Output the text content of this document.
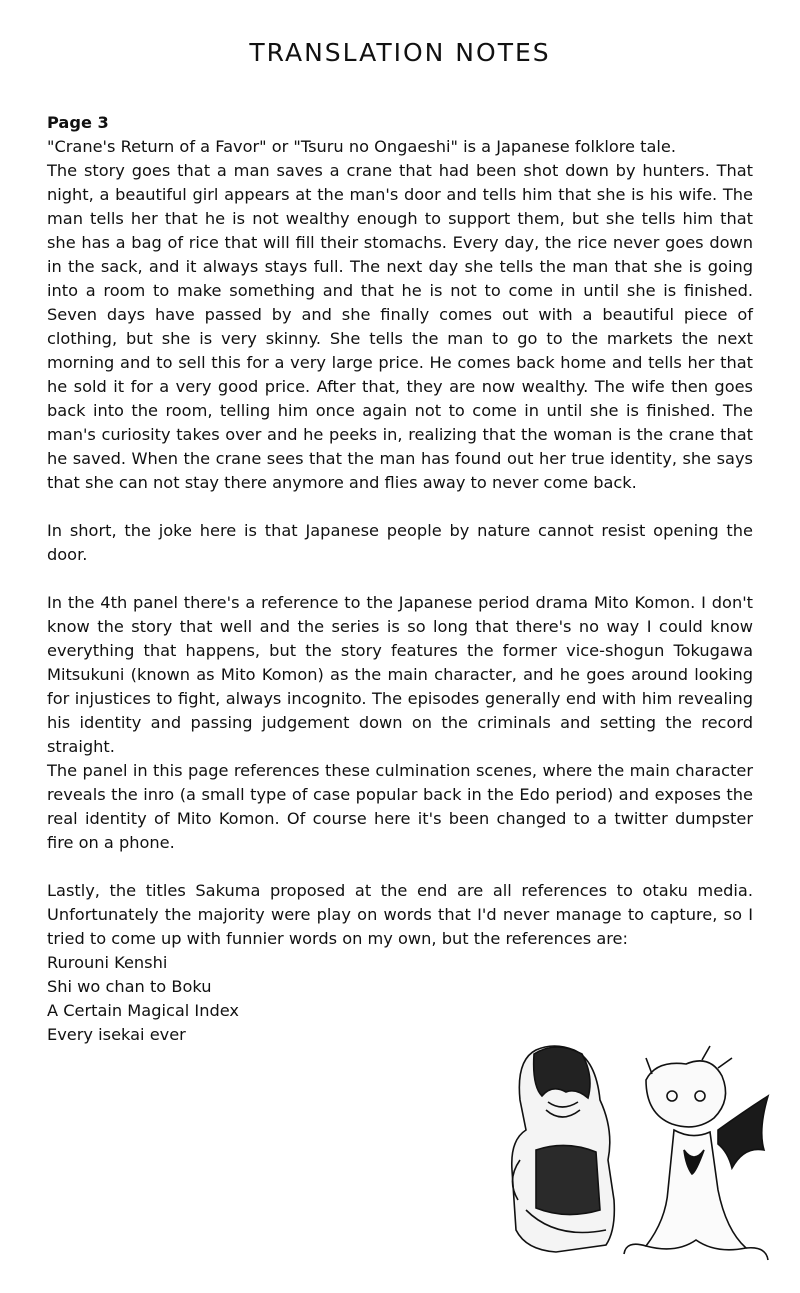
TRANSLATION NOTES
Page 3

"Crane's Return of a Favor" or "Tsuru no Ongaeshi" is a Japanese folklore tale.

The story goes that a man saves a crane that had been shot down by hunters. That night, a beautiful girl appears at the man's door and tells him that she is his wife. The man tells her that he is not wealthy enough to support them, but she tells him that she has a bag of rice that will fill their stomachs. Every day, the rice never goes down in the sack, and it always stays full. The next day she tells the man that she is going into a room to make something and that he is not to come in until she is finished. Seven days have passed by and she finally comes out with a beautiful piece of clothing, but she is very skinny. She tells the man to go to the markets the next morning and to sell this for a very large price. He comes back home and tells her that he sold it for a very good price. After that, they are now wealthy. The wife then goes back into the room, telling him once again not to come in until she is finished. The man's curiosity takes over and he peeks in, realizing that the woman is the crane that he saved. When the crane sees that the man has found out her true identity, she says that she can not stay there anymore and flies away to never come back.

In short, the joke here is that Japanese people by nature cannot resist opening the door.

In the 4th panel there's a reference to the Japanese period drama Mito Komon. I don't know the story that well and the series is so long that there's no way I could know everything that happens, but the story features the former vice-shogun Tokugawa Mitsukuni (known as Mito Komon) as the main character, and he goes around looking for injustices to fight, always incognito. The episodes generally end with him revealing his identity and passing judgement down on the criminals and setting the record straight.

The panel in this page references these culmination scenes, where the main character reveals the inro (a small type of case popular back in the Edo period) and exposes the real identity of Mito Komon. Of course here it's been changed to a twitter dumpster fire on a phone.

Lastly, the titles Sakuma proposed at the end are all references to otaku media. Unfortunately the majority were play on words that I'd never manage to capture, so I tried to come up with funnier words on my own, but the references are:

Rurouni Kenshi

Shi wo chan to Boku

A Certain Magical Index

Every isekai ever
